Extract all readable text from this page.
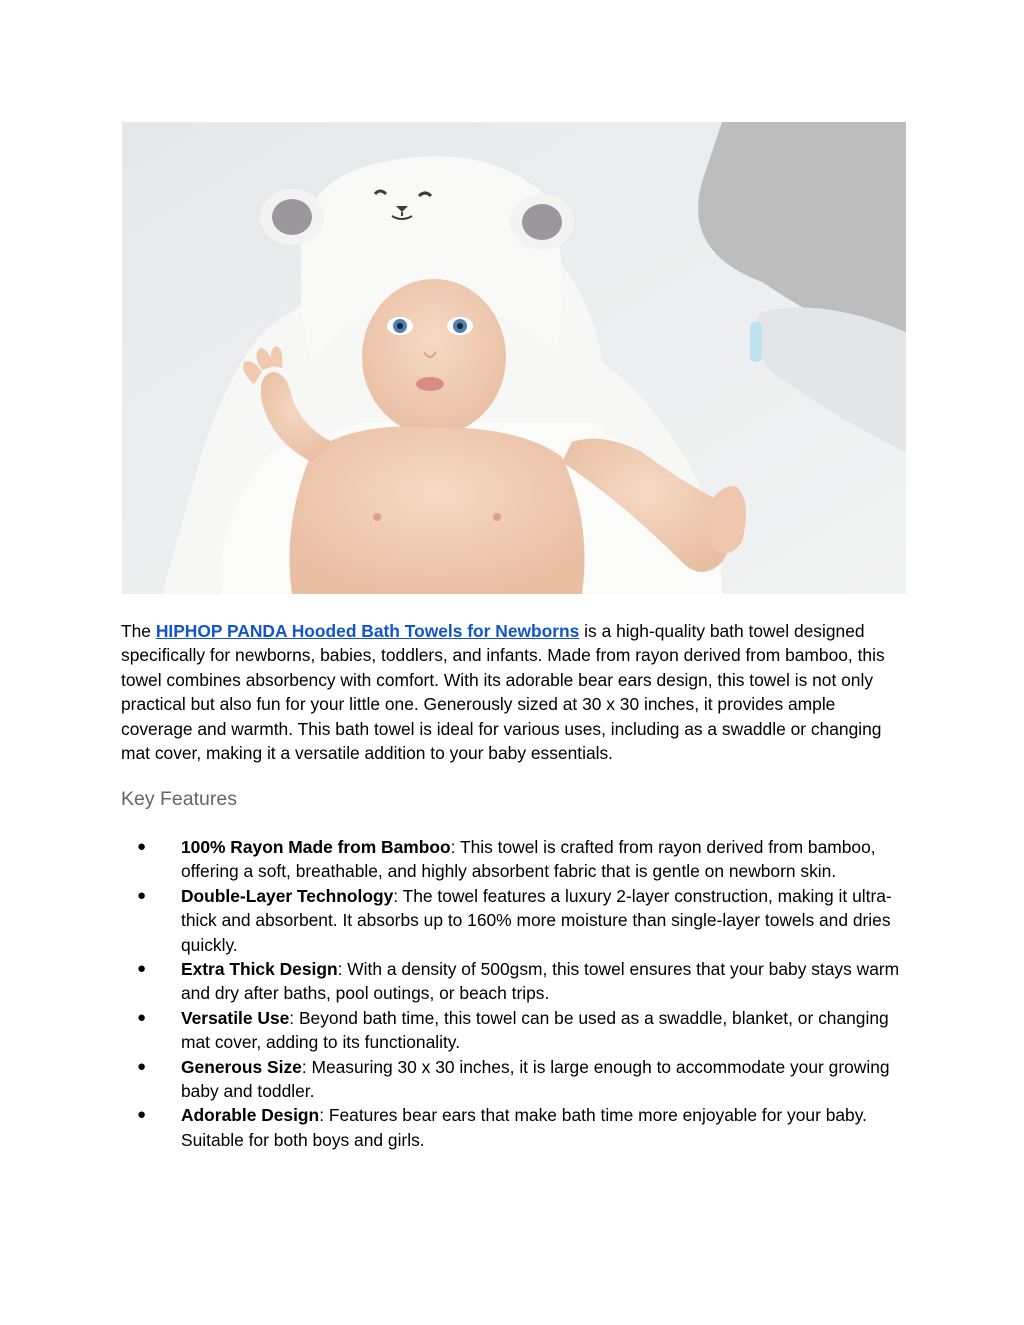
The HIPHOP PANDA Hooded Bath Towels for Newborns is a high-quality bath towel designed specifically for newborns, babies, toddlers, and infants. Made from rayon derived from bamboo, this towel combines absorbency with comfort. With its adorable bear ears design, this towel is not only practical but also fun for your little one. Generously sized at 30 x 30 inches, it provides ample coverage and warmth. This bath towel is ideal for various uses, including as a swaddle or changing mat cover, making it a versatile addition to your baby essentials.

Key Features
● 100% Rayon Made from Bamboo: This towel is crafted from rayon derived from bamboo, offering a soft, breathable, and highly absorbent fabric that is gentle on newborn skin.
● Double-Layer Technology: The towel features a luxury 2-layer construction, making it ultra-thick and absorbent. It absorbs up to 160% more moisture than single-layer towels and dries quickly.
● Extra Thick Design: With a density of 500gsm, this towel ensures that your baby stays warm and dry after baths, pool outings, or beach trips.
● Versatile Use: Beyond bath time, this towel can be used as a swaddle, blanket, or changing mat cover, adding to its functionality.
● Generous Size: Measuring 30 x 30 inches, it is large enough to accommodate your growing baby and toddler.
● Adorable Design: Features bear ears that make bath time more enjoyable for your baby. Suitable for both boys and girls.
